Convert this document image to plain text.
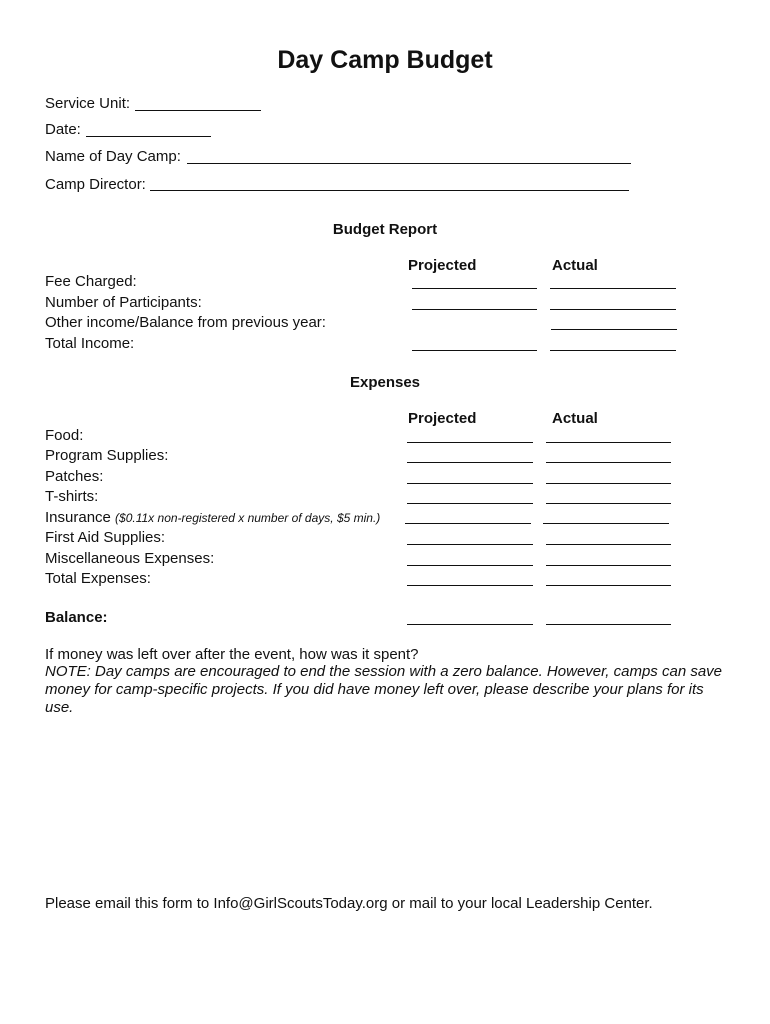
Day Camp Budget
Service Unit:
Date:
Name of Day Camp:
Camp Director:
Budget Report
Projected	Actual
Fee Charged:
Number of Participants:
Other income/Balance from previous year:
Total Income:
Expenses
Projected	Actual
Food:
Program Supplies:
Patches:
T-shirts:
Insurance ($0.11x non-registered x number of days, $5 min.)
First Aid Supplies:
Miscellaneous Expenses:
Total Expenses:
Balance:
If money was left over after the event, how was it spent?
NOTE: Day camps are encouraged to end the session with a zero balance. However, camps can save money for camp-specific projects. If you did have money left over, please describe your plans for its use.
Please email this form to Info@GirlScoutsToday.org or mail to your local Leadership Center.
